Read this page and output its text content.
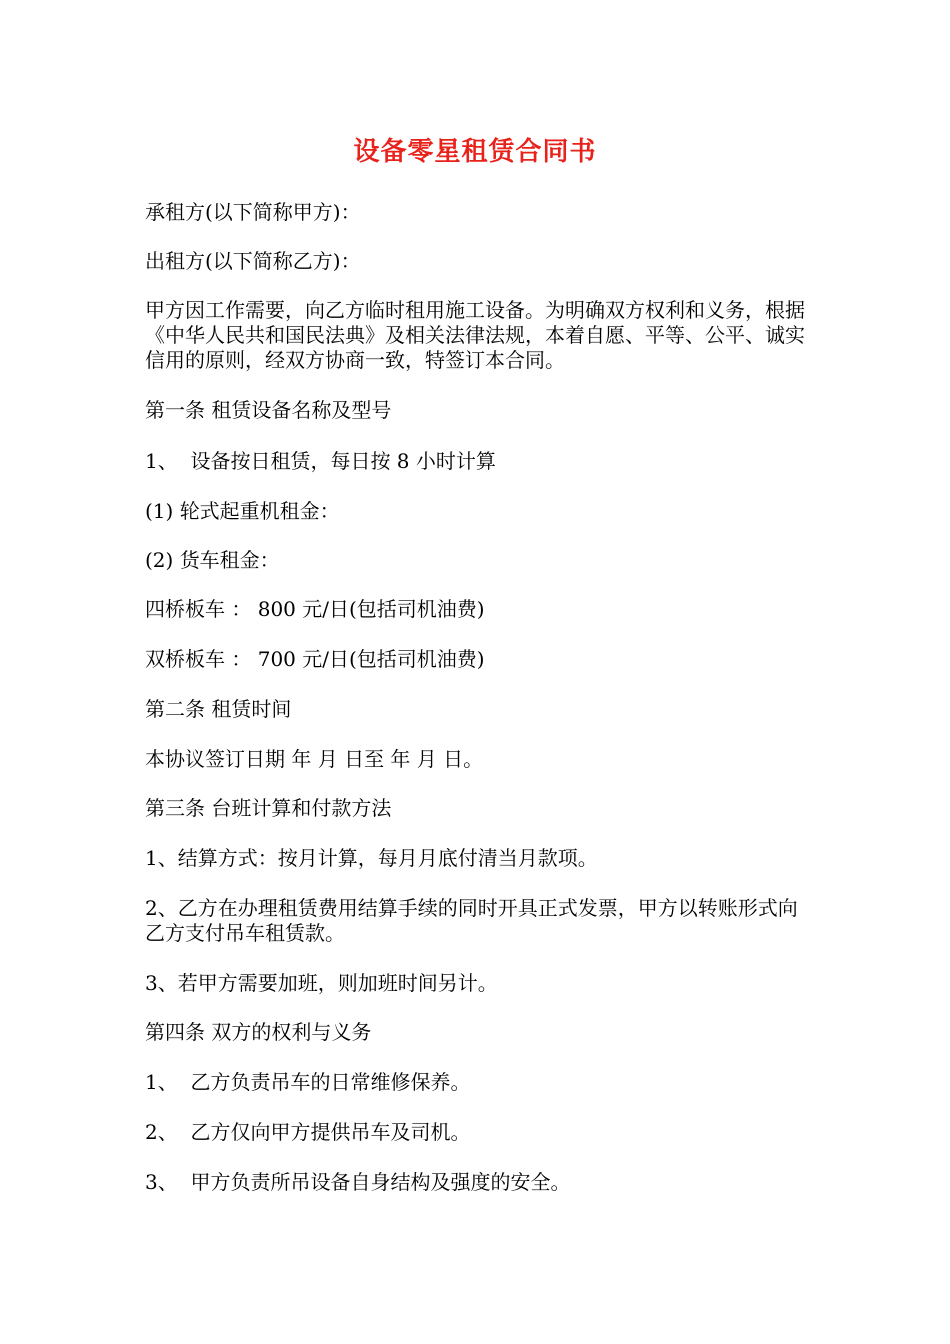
设备零星租赁合同书

承租方(以下简称甲方)：

出租方(以下简称乙方)：

甲方因工作需要，向乙方临时租用施工设备。为明确双方权利和义务，根据《中华人民共和国民法典》及相关法律法规，本着自愿、平等、公平、诚实信用的原则，经双方协商一致，特签订本合同。

第一条 租赁设备名称及型号

1、  设备按日租赁，每日按 8 小时计算

(1) 轮式起重机租金：

(2) 货车租金：

四桥板车 ： 800 元/日(包括司机油费)

双桥板车 ： 700 元/日(包括司机油费)

第二条 租赁时间

本协议签订日期 年 月 日至 年 月 日。

第三条 台班计算和付款方法

1、结算方式：按月计算，每月月底付清当月款项。

2、乙方在办理租赁费用结算手续的同时开具正式发票，甲方以转账形式向乙方支付吊车租赁款。

3、若甲方需要加班，则加班时间另计。

第四条 双方的权利与义务

1、  乙方负责吊车的日常维修保养。

2、  乙方仅向甲方提供吊车及司机。

3、  甲方负责所吊设备自身结构及强度的安全。
